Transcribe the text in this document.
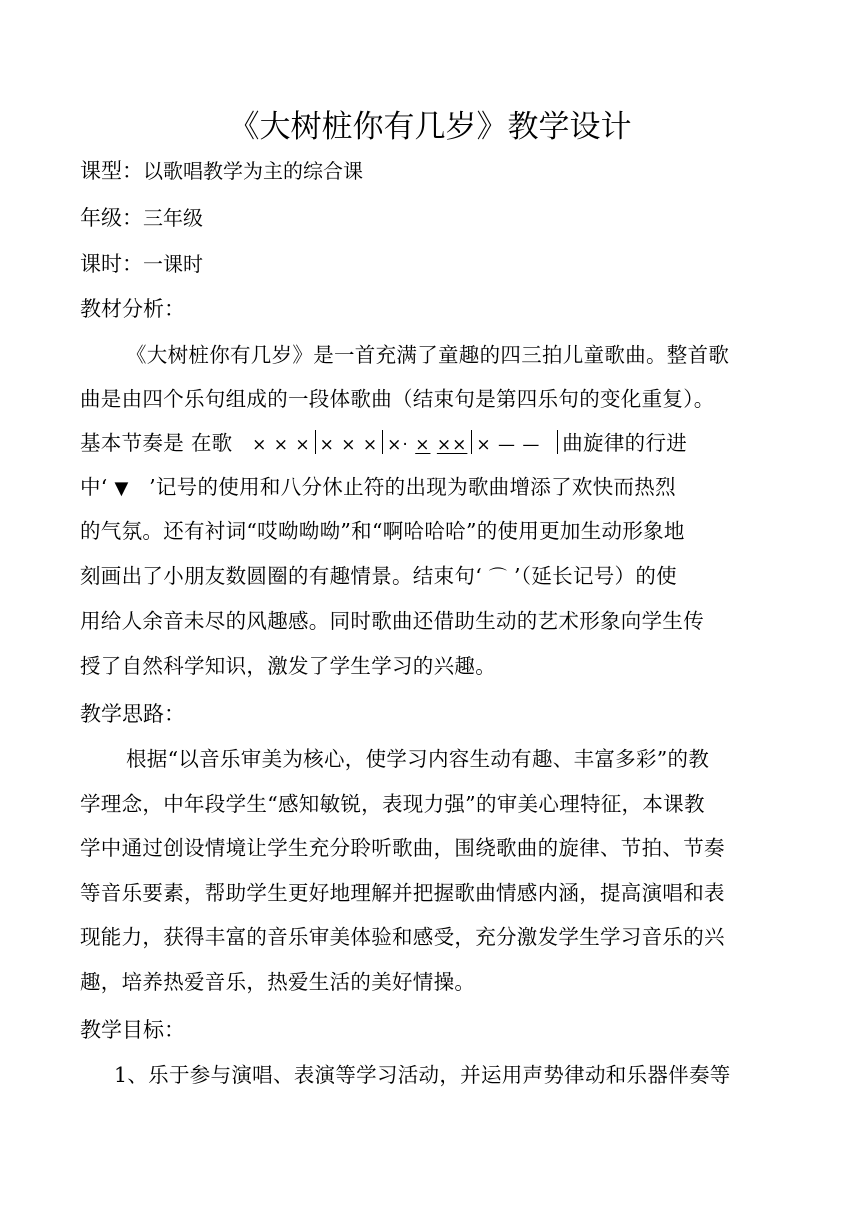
《大树桩你有几岁》教学设计
课型：以歌唱教学为主的综合课
年级：三年级
课时：一课时
教材分析：
《大树桩你有几岁》是一首充满了童趣的四三拍儿童歌曲。整首歌
曲是由四个乐句组成的一段体歌曲（结束句是第四乐句的变化重复）。
基本节奏是 在歌 × × × × × × ×· × ×× × — — 曲旋律的行进
中‘ ▼ ’记号的使用和八分休止符的出现为歌曲增添了欢快而热烈
的气氛。还有衬词“哎呦呦呦”和“啊哈哈哈”的使用更加生动形象地
刻画出了小朋友数圆圈的有趣情景。结束句‘ ⌒ ’（延长记号）的使
用给人余音未尽的风趣感。同时歌曲还借助生动的艺术形象向学生传
授了自然科学知识，激发了学生学习的兴趣。
教学思路：
根据“以音乐审美为核心，使学习内容生动有趣、丰富多彩”的教
学理念，中年段学生“感知敏锐，表现力强”的审美心理特征，本课教
学中通过创设情境让学生充分聆听歌曲，围绕歌曲的旋律、节拍、节奏
等音乐要素，帮助学生更好地理解并把握歌曲情感内涵，提高演唱和表
现能力，获得丰富的音乐审美体验和感受，充分激发学生学习音乐的兴
趣，培养热爱音乐，热爱生活的美好情操。
教学目标：
1、乐于参与演唱、表演等学习活动，并运用声势律动和乐器伴奏等
